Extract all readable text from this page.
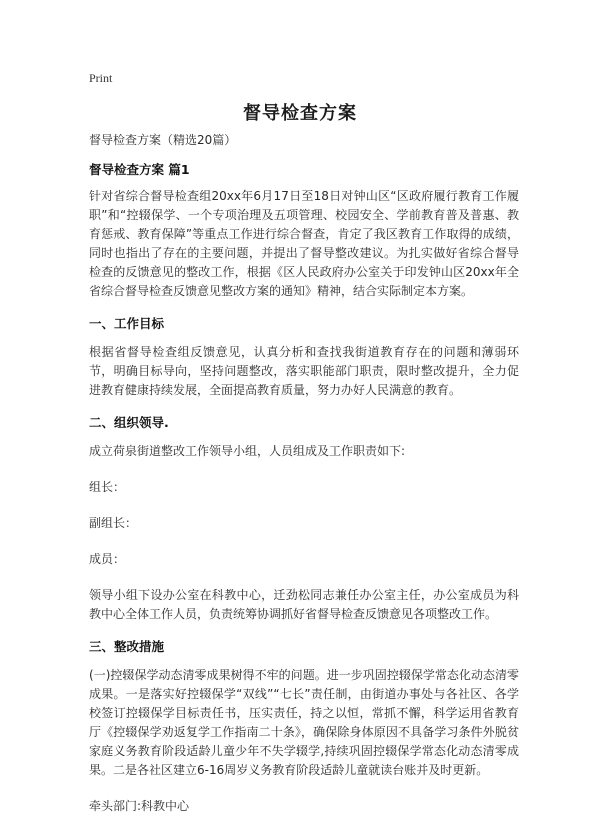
Print
督导检查方案

督导检查方案（精选20篇）

督导检查方案 篇1

针对省综合督导检查组20xx年6月17日至18日对钟山区“区政府履行教育工作履职”和“控辍保学、一个专项治理及五项管理、校园安全、学前教育普及普惠、教育惩戒、教育保障”等重点工作进行综合督查，肯定了我区教育工作取得的成绩，同时也指出了存在的主要问题，并提出了督导整改建议。为扎实做好省综合督导检查的反馈意见的整改工作，根据《区人民政府办公室关于印发钟山区20xx年全省综合督导检查反馈意见整改方案的通知》精神，结合实际制定本方案。

一、工作目标

根据省督导检查组反馈意见，认真分析和查找我街道教育存在的问题和薄弱环节，明确目标导向，坚持问题整改，落实职能部门职责，限时整改提升，全力促进教育健康持续发展，全面提高教育质量，努力办好人民满意的教育。

二、组织领导.

成立荷泉街道整改工作领导小组，人员组成及工作职责如下:

组长：

副组长：

成员：

领导小组下设办公室在科教中心，迁劲松同志兼任办公室主任，办公室成员为科教中心全体工作人员，负责统筹协调抓好省督导检查反馈意见各项整改工作。

三、整改措施

(一)控辍保学动态清零成果树得不牢的问题。进一步巩固控辍保学常态化动态清零成果。一是落实好控辍保学“双线”“七长”责任制，由街道办事处与各社区、各学校签订控辍保学目标责任书，压实责任，持之以恒，常抓不懈，科学运用省教育厅《控辍保学劝返复学工作指南二十条》，确保除身体原因不具备学习条件外脱贫家庭义务教育阶段适龄儿童少年不失学辍学,持续巩固控辍保学常态化动态清零成果。二是各社区建立6-16周岁义务教育阶段适龄儿童就读台账并及时更新。

牵头部门:科教中心
